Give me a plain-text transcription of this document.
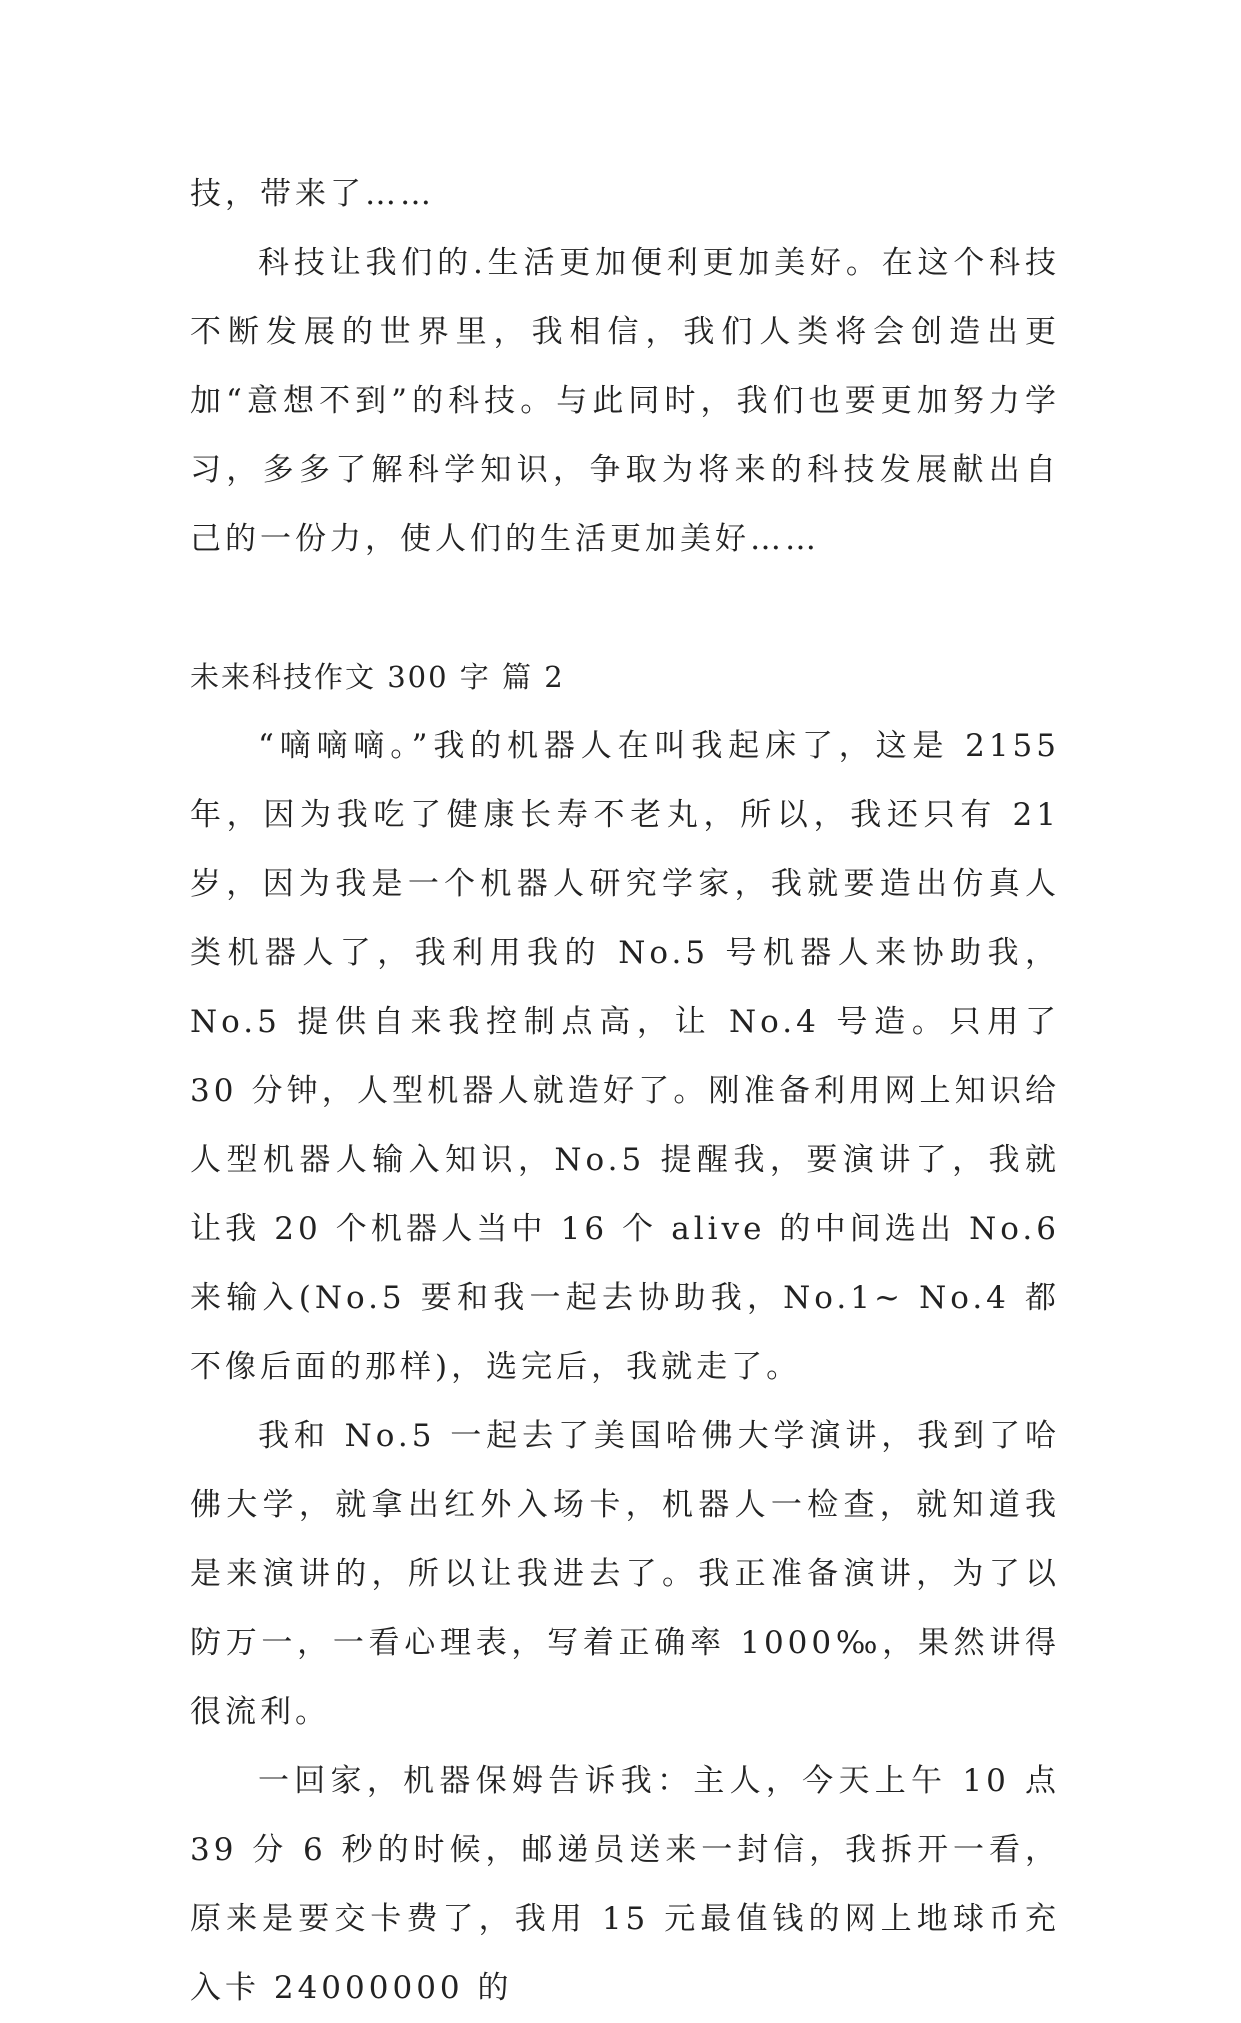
技，带来了……

科技让我们的.生活更加便利更加美好。在这个科技不断发展的世界里，我相信，我们人类将会创造出更加“意想不到”的科技。与此同时，我们也要更加努力学习，多多了解科学知识，争取为将来的科技发展献出自己的一份力，使人们的生活更加美好……

未来科技作文 300 字 篇 2

“嘀嘀嘀。”我的机器人在叫我起床了，这是 2155 年，因为我吃了健康长寿不老丸，所以，我还只有 21 岁，因为我是一个机器人研究学家，我就要造出仿真人类机器人了，我利用我的 No.5 号机器人来协助我，No.5 提供自来我控制点高，让 No.4 号造。只用了 30 分钟，人型机器人就造好了。刚准备利用网上知识给人型机器人输入知识，No.5 提醒我，要演讲了，我就让我 20 个机器人当中 16 个 alive 的中间选出 No.6 来输入(No.5 要和我一起去协助我，No.1~ No.4 都不像后面的那样)，选完后，我就走了。

我和 No.5 一起去了美国哈佛大学演讲，我到了哈佛大学，就拿出红外入场卡，机器人一检查，就知道我是来演讲的，所以让我进去了。我正准备演讲，为了以防万一，一看心理表，写着正确率 1000‰，果然讲得很流利。

一回家，机器保姆告诉我：主人，今天上午 10 点 39 分 6 秒的时候，邮递员送来一封信，我拆开一看，原来是要交卡费了，我用 15 元最值钱的网上地球币充入卡 24000000 的
